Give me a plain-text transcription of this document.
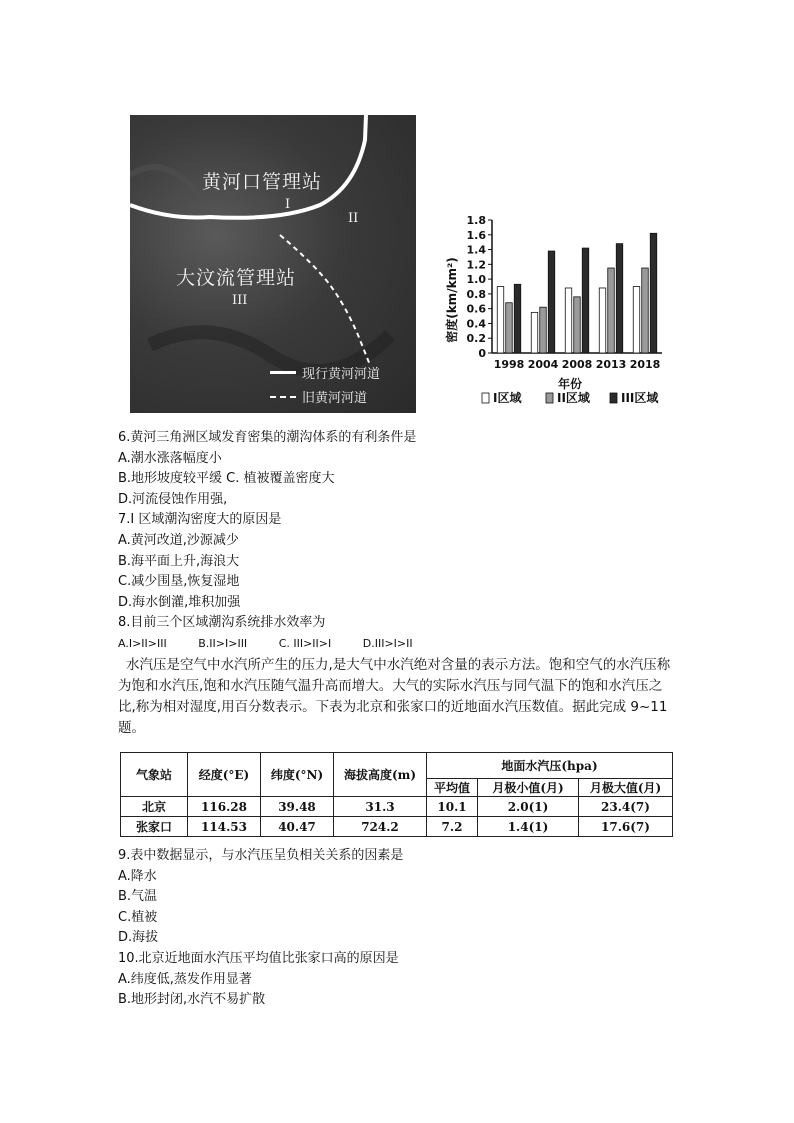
黄河口管理站
大汶流管理站
I
II
III
现行黄河河道
旧黄河河道
密度(km/km²)
年份
0
0.2
0.4
0.6
0.8
1.0
1.2
1.4
1.6
1.8
1998 2004 2008 2013 2018
I区域	II区域	III区域

6.黄河三角洲区域发育密集的潮沟体系的有利条件是

A.潮水涨落幅度小

B.地形坡度较平缓 C. 植被覆盖密度大

D.河流侵蚀作用强,

7.I 区域潮沟密度大的原因是

A.黄河改道,沙源减少

B.海平面上升,海浪大

C.减少围垦,恢复湿地

D.海水倒灌,堆积加强

8.目前三个区域潮沟系统排水效率为

A.I>II>III	B.II>I>III	C. III>II>I	D.III>I>II

水汽压是空气中水汽所产生的压力,是大气中水汽绝对含量的表示方法。饱和空气的水汽压称为饱和水汽压,饱和水汽压随气温升高而增大。大气的实际水汽压与同气温下的饱和水汽压之比,称为相对湿度,用百分数表示。下表为北京和张家口的近地面水汽压数值。据此完成 9~11 题。

气象站	经度(°E)	纬度(°N)	海拔高度(m)	地面水汽压(hpa)		
				平均值	月极小值(月)	月极大值(月)
北京	116.28	39.48	31.3	10.1	2.0(1)	23.4(7)
张家口	114.53	40.47	724.2	7.2	1.4(1)	17.6(7)

9.表中数据显示，与水汽压呈负相关关系的因素是

A.降水

B.气温

C.植被

D.海拔

10.北京近地面水汽压平均值比张家口高的原因是

A.纬度低,蒸发作用显著

B.地形封闭,水汽不易扩散
